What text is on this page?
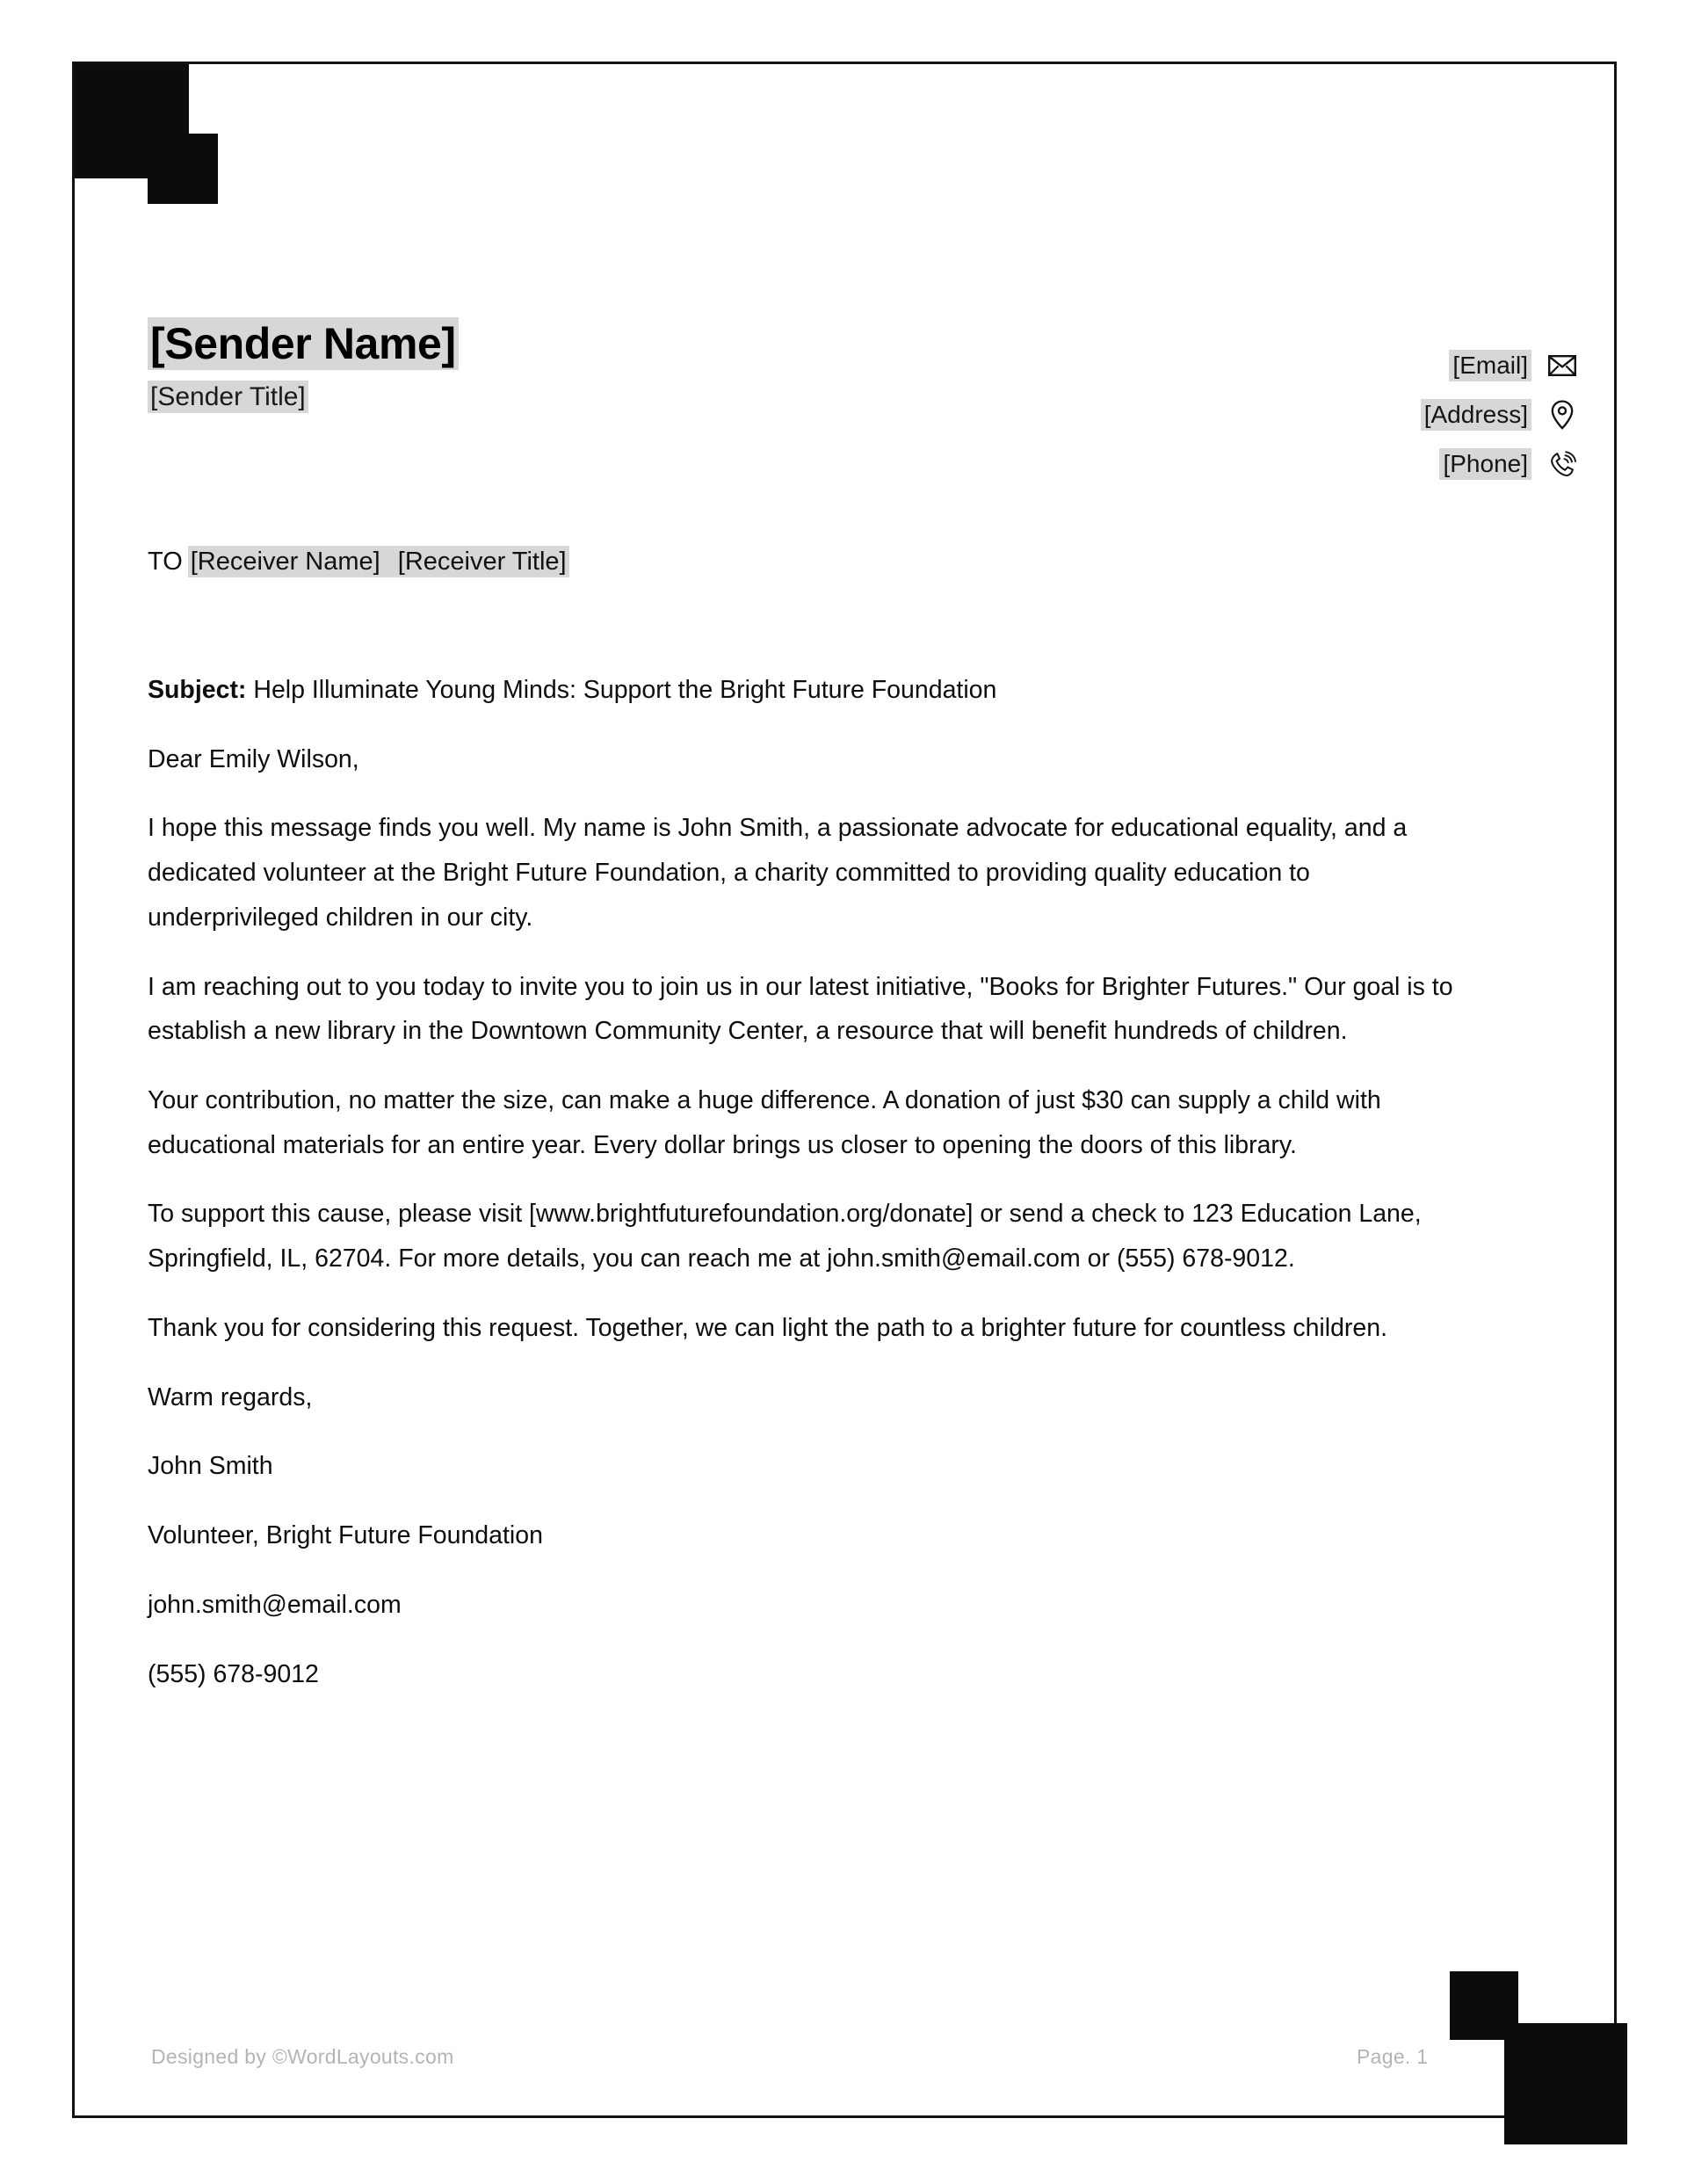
[Sender Name]
[Sender Title]
[Email]
[Address]
[Phone]
TO [Receiver Name] [Receiver Title]

Subject: Help Illuminate Young Minds: Support the Bright Future Foundation

Dear Emily Wilson,

I hope this message finds you well. My name is John Smith, a passionate advocate for educational equality, and a dedicated volunteer at the Bright Future Foundation, a charity committed to providing quality education to underprivileged children in our city.

I am reaching out to you today to invite you to join us in our latest initiative, "Books for Brighter Futures." Our goal is to establish a new library in the Downtown Community Center, a resource that will benefit hundreds of children.

Your contribution, no matter the size, can make a huge difference. A donation of just $30 can supply a child with educational materials for an entire year. Every dollar brings us closer to opening the doors of this library.

To support this cause, please visit [www.brightfuturefoundation.org/donate] or send a check to 123 Education Lane, Springfield, IL, 62704. For more details, you can reach me at john.smith@email.com or (555) 678-9012.

Thank you for considering this request. Together, we can light the path to a brighter future for countless children.

Warm regards,

John Smith

Volunteer, Bright Future Foundation

john.smith@email.com

(555) 678-9012

Designed by ©WordLayouts.com	Page. 1
